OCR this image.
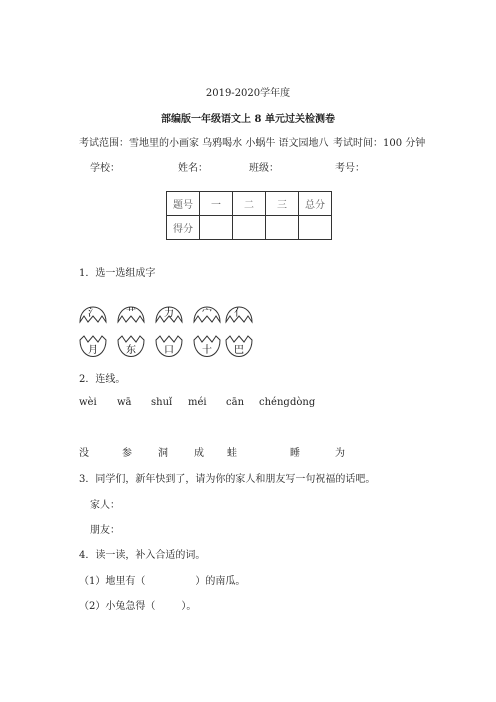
2019-2020学年度
部编版一年级语文上 8 单元过关检测卷
考试范围：雪地里的小画家 乌鸦喝水 小蜗牛 语文园地八 考试时间：100 分钟
学校：	姓名：	班级：	考号：
题号	一	二	三	总分
得分				
1．选一选组成字
氵	艹	力	宀 亻
月	东	口	十 巴
2．连线。
wèi wā shuǐ méi cān chéng dòng
没	参	洞	成 蛙	睡	为
3．同学们，新年快到了，请为你的家人和朋友写一句祝福的话吧。
家人：
朋友：
4．读一读，补入合适的词。
（1）地里有（	）的南瓜。
（2）小兔急得（	）。
